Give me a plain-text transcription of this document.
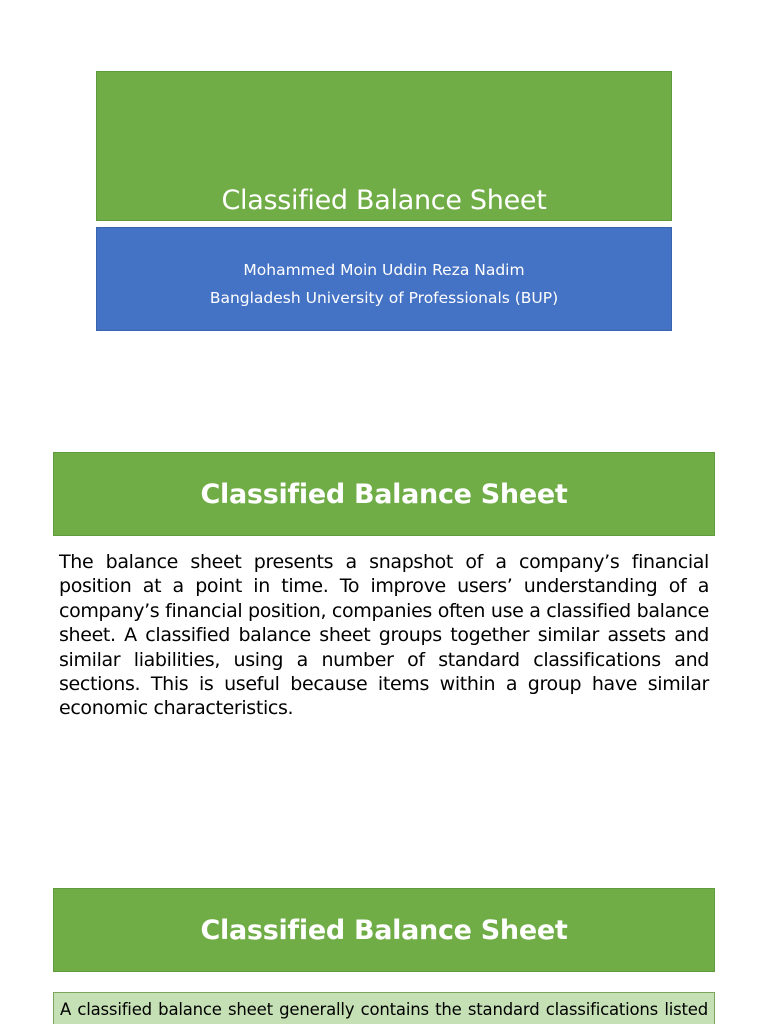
Classified Balance Sheet
Mohammed Moin Uddin Reza Nadim
Bangladesh University of Professionals (BUP)
Classified Balance Sheet
The balance sheet presents a snapshot of a company’s financial position at a point in time. To improve users’ understanding of a company’s financial position, companies often use a classified balance sheet. A classified balance sheet groups together similar assets and similar liabilities, using a number of standard classifications and sections. This is useful because items within a group have similar economic characteristics.
Classified Balance Sheet
A classified balance sheet generally contains the standard classifications listed
